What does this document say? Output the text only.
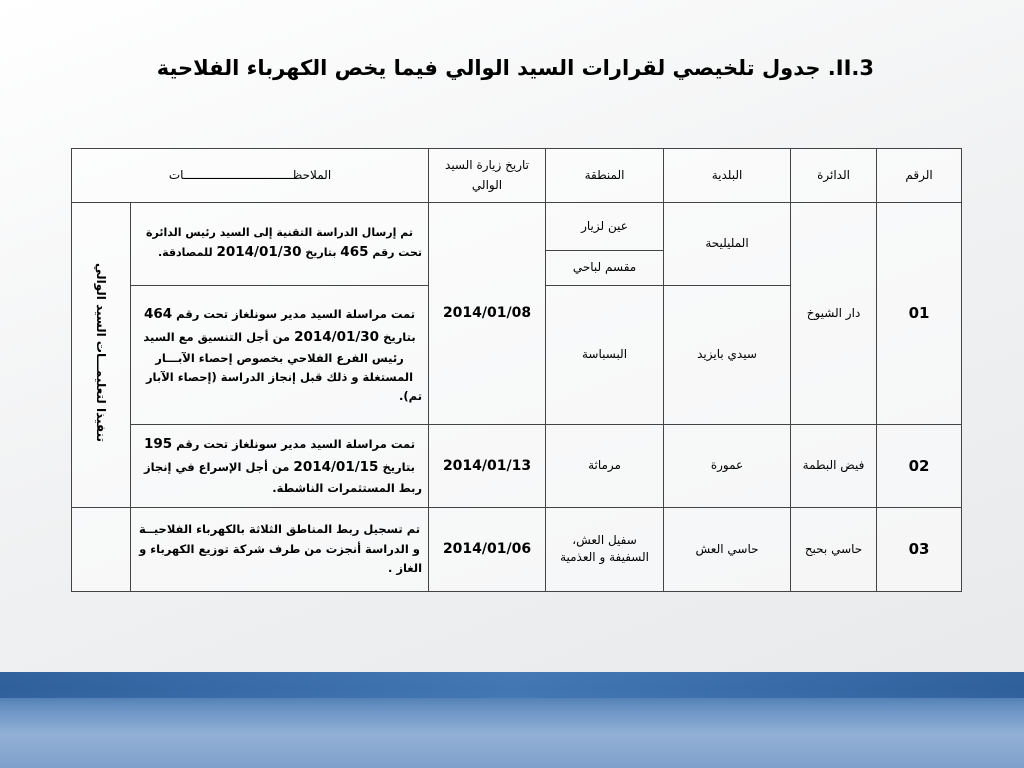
II.3. جدول تلخيصي لقرارات السيد الوالي فيما يخص الكهرباء الفلاحية
الرقم	الدائرة	البلدية	المنطقة	تاريخ زيارة السيد الوالي	الملاحظـــــــــــــــــــــــــــــــات	
01	دار الشيوخ	المليليحة	عين لزيار	2014/01/08	تم إرسال الدراسة التقنية إلى السيد رئيس الدائرة تحت رقم 465 بتاريخ 2014/01/30 للمصادقة.	تنفيذا لتعليمـــات السيد الوالي
			مقسم لباحي			
		سيدي بايزيد	البسباسة		تمت مراسلة السيد مدير سونلغاز تحت رقم 464 بتاريخ 2014/01/30 من أجل التنسيق مع السيد رئيس الفرع الفلاحي بخصوص إحصاء الآبـــار المستغلة و ذلك قبل إنجاز الدراسة (إحصاء الآبار تم).	
02	فيض البطمة	عمورة	مرماثة	2014/01/13	تمت مراسلة السيد مدير سونلغاز تحت رقم 195 بتاريخ 2014/01/15 من أجل الإسراع في إنجاز ربط المستثمرات الناشطة.	
03	حاسي بحبح	حاسي العش	سفيل العش، السفيفة و العذمية	2014/01/06	تم تسجيل ربط المناطق الثلاثة بالكهرباء الفلاحيــة و الدراسة أنجزت من طرف شركة توزيع الكهرباء و الغاز .	
